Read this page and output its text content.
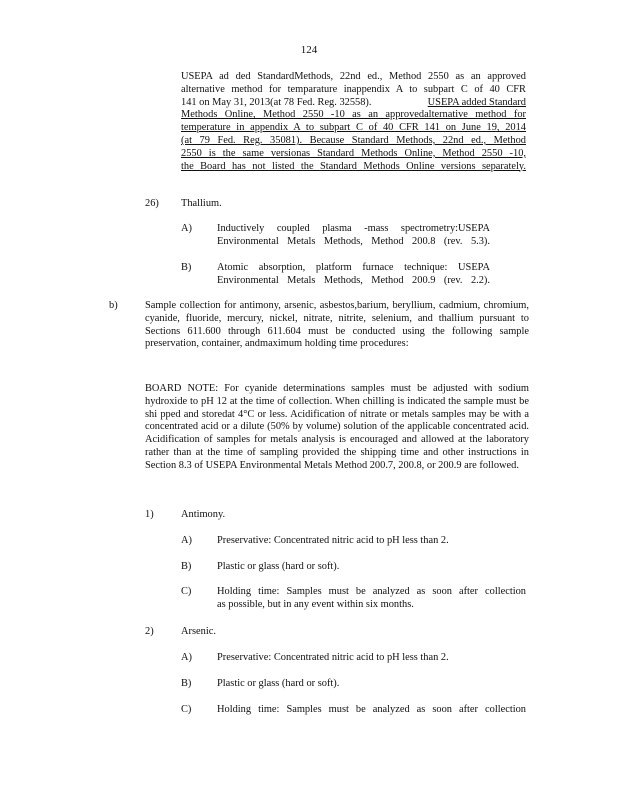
124
USEPA ad ded StandardMethods, 22nd ed., Method 2550 as an approved
alternative method for temparature inappendix A to subpart C of 40 CFR
141 on May 31, 2013(at 78 Fed. Reg. 32558).	USEPA added Standard
Methods Online, Method 2550 -10 as an approvedalternative method for
temperature in appendix A to subpart C of 40 CFR 141 on June 19, 2014
(at 79 Fed. Reg. 35081). Because Standard Methods, 22nd ed., Method
2550 is the same versionas Standard Methods Online, Method 2550 -10,
the Board has not listed the Standard Methods Online versions separately.
26) Thallium.
A) Inductively coupled plasma -mass spectrometry:USEPA
Environmental Metals Methods, Method 200.8 (rev. 5.3).
B) Atomic absorption, platform furnace technique: USEPA
Environmental Metals Methods, Method 200.9 (rev. 2.2).
b)	Sample collection for antimony, arsenic, asbestos,barium, beryllium, cadmium, chromium, cyanide, fluoride, mercury, nickel, nitrate, nitrite, selenium, and thallium pursuant to Sections 611.600 through 611.604 must be conducted using the following sample preservation, container, andmaximum holding time procedures:

BOARD NOTE: For cyanide determinations samples must be adjusted with sodium hydroxide to pH 12 at the time of collection. When chilling is indicated the sample must be shi pped and storedat 4°C or less. Acidification of nitrate or metals samples may be with a concentrated acid or a dilute (50% by volume) solution of the applicable concentrated acid. Acidification of samples for metals analysis is encouraged and allowed at the laboratory rather than at the time of sampling provided the shipping time and other instructions in Section 8.3 of USEPA Environmental Metals Method 200.7, 200.8, or 200.9 are followed.

1)	Antimony.
A) Preservative: Concentrated nitric acid to pH less than 2.
B) Plastic or glass (hard or soft).
C) Holding time: Samples must be analyzed as soon after collection
as possible, but in any event within six months.
2)	Arsenic.
A) Preservative: Concentrated nitric acid to pH less than 2.
B) Plastic or glass (hard or soft).
C) Holding time: Samples must be analyzed as soon after collection
